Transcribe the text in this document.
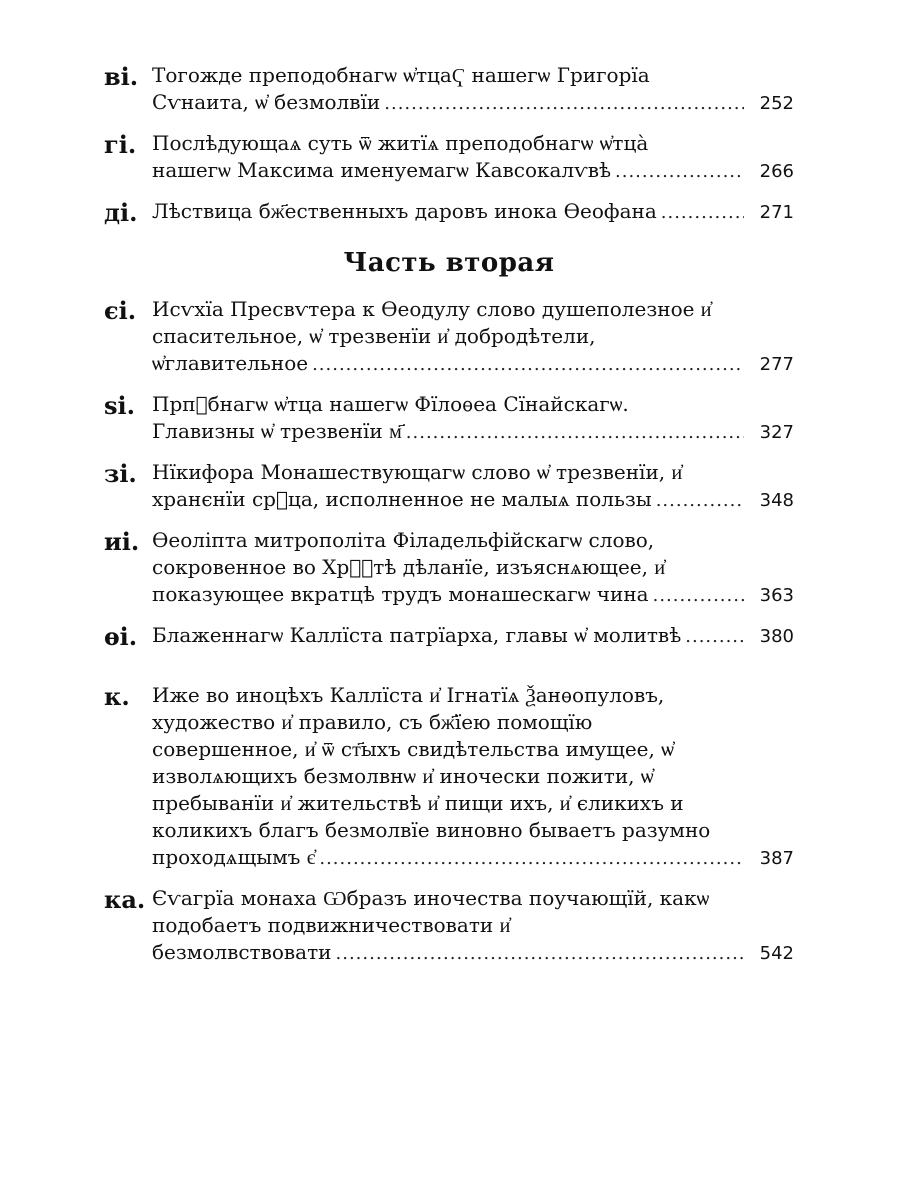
ві. Тогожде преподобнагѡ ѡ҆тцаҀ нашегѡ Григорїа
Сѵнаита, ѡ҆ безмолвїи .....	252
гі. Послѣдующаѧ суть ѿ житїѧ преподобнагѡ ѡ҆тца̀
нашегѡ Максима именуемагѡ Кавсокалѵвѣ .....	266
ді. Лѣствица бж҃ественныхъ даровъ инока Ѳеофана .....	271
Часть вторая
єі. Исѵхїа Пресвѵтера к Ѳеодулу слово душеполезное и҆
спасительное, ѡ҆ трезвенїи и҆ добродѣтели,
ѡ҆главительное .....	277
ѕі. Прпⷣбнагѡ ѡ҆тца нашегѡ Фїлоѳеа Сїнайскагѡ.
Главизны ѡ҆ трезвенїи м҃ .....	327
зі. Нїкифора Монашествующагѡ слово ѡ҆ трезвенїи, и҆
хранєнїи срⷣца, исполненное не малыѧ пользы .....	348
иі. Ѳеоліпта митрополіта Філадельфійскагѡ слово,
сокровенное во Хрⷭ҇тѣ дѣланїе, изъяснѧющее, и҆
показующее вкратцѣ трудъ монашескагѡ чина .....	363
ѳі. Блаженнагѡ Каллїста патрїарха, главы ѡ҆ молитвѣ .....	380
к.	Иже во иноцѣхъ Каллїста и҆ Ігнатїѧ Ѯанѳопуловъ,
художество и҆ правило, съ бж҃їею помощїю
совершенное, и҆ ѿ ст҃ыхъ свидѣтельства имущее, ѡ҆
изволѧющихъ безмолвнѡ и҆ иночески пожити, ѡ҆
пребыванїи и҆ жительствѣ и҆ пищи ихъ, и҆ єликихъ и
коликихъ благъ безмолвїе виновно бываетъ разумно
проходѧщымъ є҆ .....	387
ка. Єѵагрїа монаха Ѡбразъ иночества поучающїй, какѡ
подобаетъ подвижничествовати и҆
безмолвствовати .....	542
